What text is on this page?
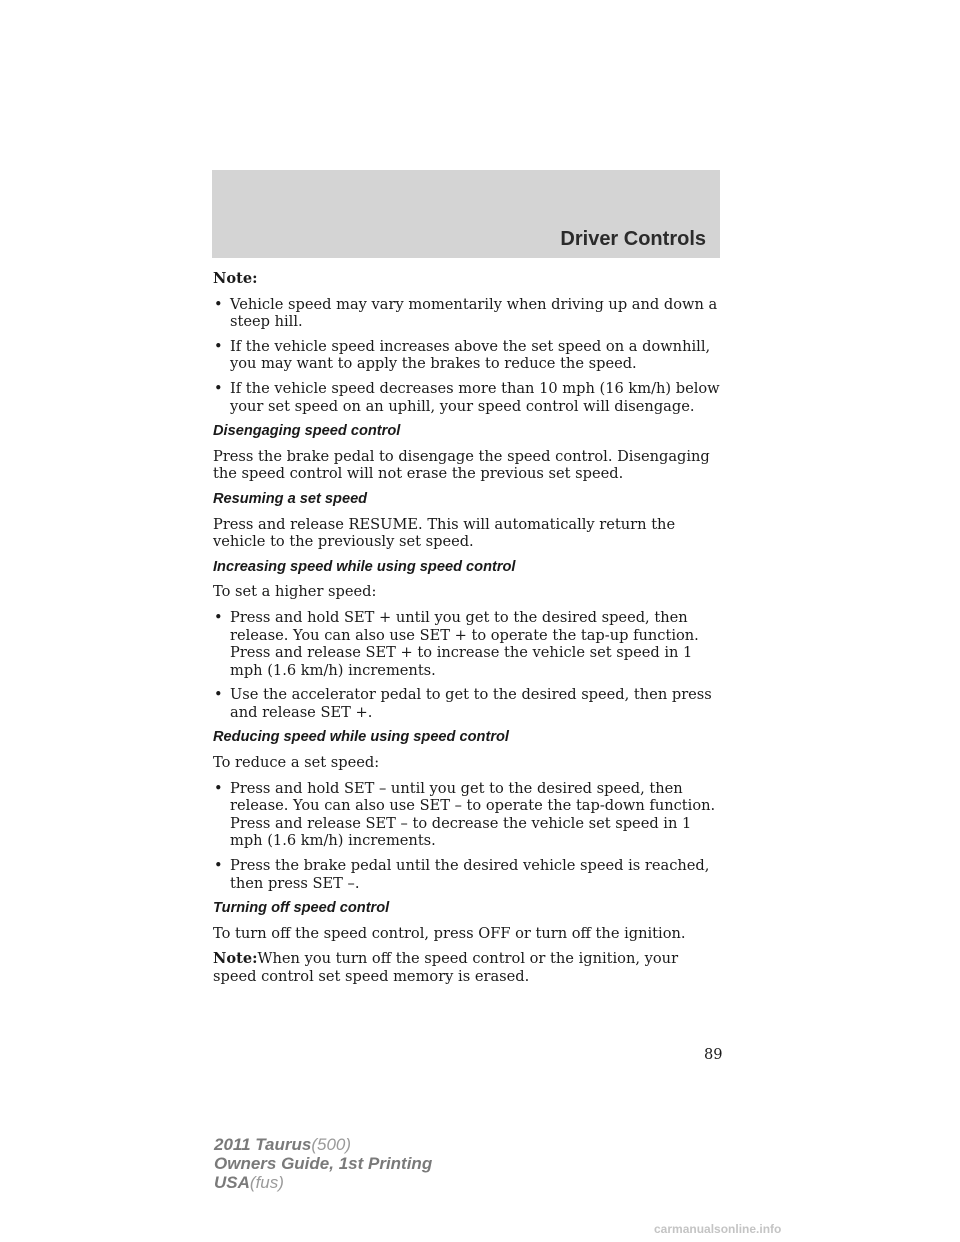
Driver Controls

Note:

• Vehicle speed may vary momentarily when driving up and down a steep hill.
• If the vehicle speed increases above the set speed on a downhill, you may want to apply the brakes to reduce the speed.
• If the vehicle speed decreases more than 10 mph (16 km/h) below your set speed on an uphill, your speed control will disengage.
Disengaging speed control

Press the brake pedal to disengage the speed control. Disengaging the speed control will not erase the previous set speed.

Resuming a set speed

Press and release RESUME. This will automatically return the vehicle to the previously set speed.

Increasing speed while using speed control

To set a higher speed:

• Press and hold SET + until you get to the desired speed, then release. You can also use SET + to operate the tap-up function. Press and release SET + to increase the vehicle set speed in 1 mph (1.6 km/h) increments.
• Use the accelerator pedal to get to the desired speed, then press and release SET +.
Reducing speed while using speed control

To reduce a set speed:

• Press and hold SET – until you get to the desired speed, then release. You can also use SET – to operate the tap-down function. Press and release SET – to decrease the vehicle set speed in 1 mph (1.6 km/h) increments.
• Press the brake pedal until the desired vehicle speed is reached, then press SET –.
Turning off speed control

To turn off the speed control, press OFF or turn off the ignition.

Note:When you turn off the speed control or the ignition, your speed control set speed memory is erased.

89
2011 Taurus(500)
Owners Guide, 1st Printing
USA(fus)
carmanualsonline.info
